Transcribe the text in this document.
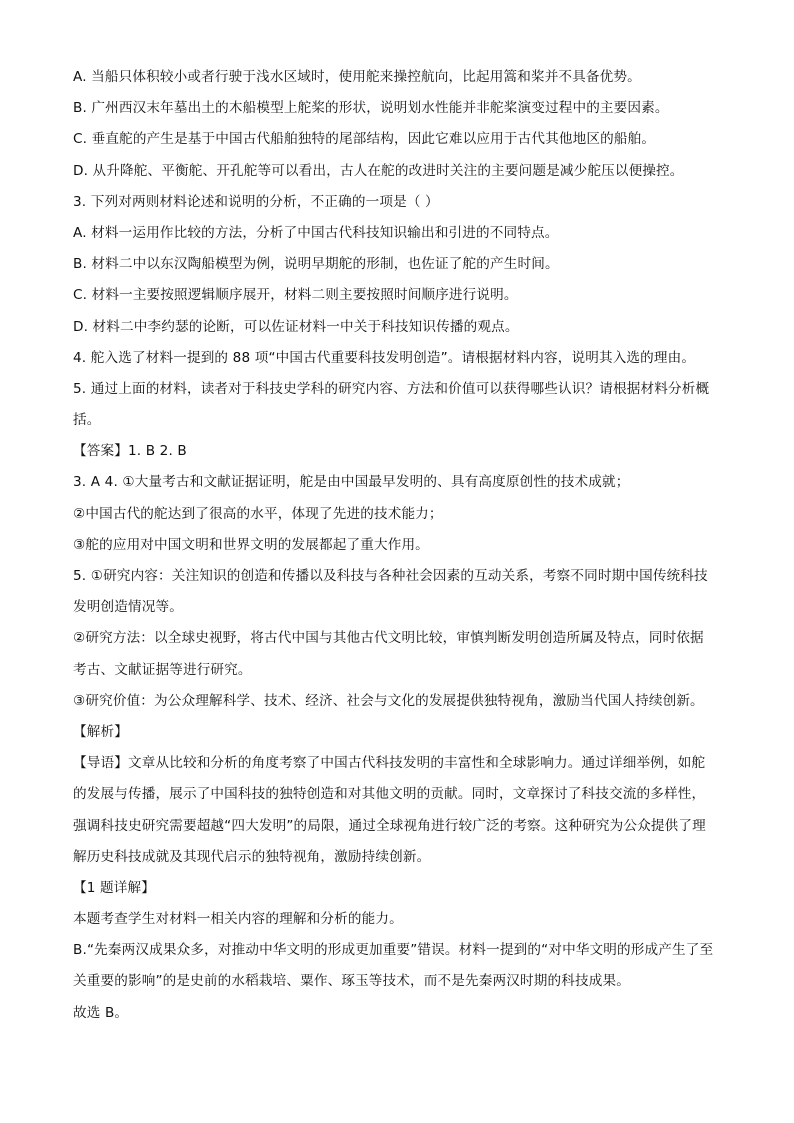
A. 当船只体积较小或者行驶于浅水区域时，使用舵来操控航向，比起用篙和桨并不具备优势。
B. 广州西汉末年墓出土的木船模型上舵桨的形状，说明划水性能并非舵桨演变过程中的主要因素。
C. 垂直舵的产生是基于中国古代船舶独特的尾部结构，因此它难以应用于古代其他地区的船舶。
D. 从升降舵、平衡舵、开孔舵等可以看出，古人在舵的改进时关注的主要问题是减少舵压以便操控。
3. 下列对两则材料论述和说明的分析，不正确的一项是（ ）
A. 材料一运用作比较的方法，分析了中国古代科技知识输出和引进的不同特点。
B. 材料二中以东汉陶船模型为例，说明早期舵的形制，也佐证了舵的产生时间。
C. 材料一主要按照逻辑顺序展开，材料二则主要按照时间顺序进行说明。
D. 材料二中李约瑟的论断，可以佐证材料一中关于科技知识传播的观点。
4. 舵入选了材料一提到的 88 项“中国古代重要科技发明创造”。请根据材料内容，说明其入选的理由。
5. 通过上面的材料，读者对于科技史学科的研究内容、方法和价值可以获得哪些认识？请根据材料分析概
括。
【答案】1. B 2. B
3. A 4. ①大量考古和文献证据证明，舵是由中国最早发明的、具有高度原创性的技术成就；
②中国古代的舵达到了很高的水平，体现了先进的技术能力；
③舵的应用对中国文明和世界文明的发展都起了重大作用。
5. ①研究内容：关注知识的创造和传播以及科技与各种社会因素的互动关系，考察不同时期中国传统科技
发明创造情况等。
②研究方法：以全球史视野，将古代中国与其他古代文明比较，审慎判断发明创造所属及特点，同时依据
考古、文献证据等进行研究。
③研究价值：为公众理解科学、技术、经济、社会与文化的发展提供独特视角，激励当代国人持续创新。
【解析】
【导语】文章从比较和分析的角度考察了中国古代科技发明的丰富性和全球影响力。通过详细举例，如舵
的发展与传播，展示了中国科技的独特创造和对其他文明的贡献。同时，文章探讨了科技交流的多样性，
强调科技史研究需要超越“四大发明”的局限，通过全球视角进行较广泛的考察。这种研究为公众提供了理
解历史科技成就及其现代启示的独特视角，激励持续创新。
【1 题详解】
本题考查学生对材料一相关内容的理解和分析的能力。
B.“先秦两汉成果众多，对推动中华文明的形成更加重要”错误。材料一提到的“对中华文明的形成产生了至
关重要的影响”的是史前的水稻栽培、粟作、琢玉等技术，而不是先秦两汉时期的科技成果。
故选 B。
